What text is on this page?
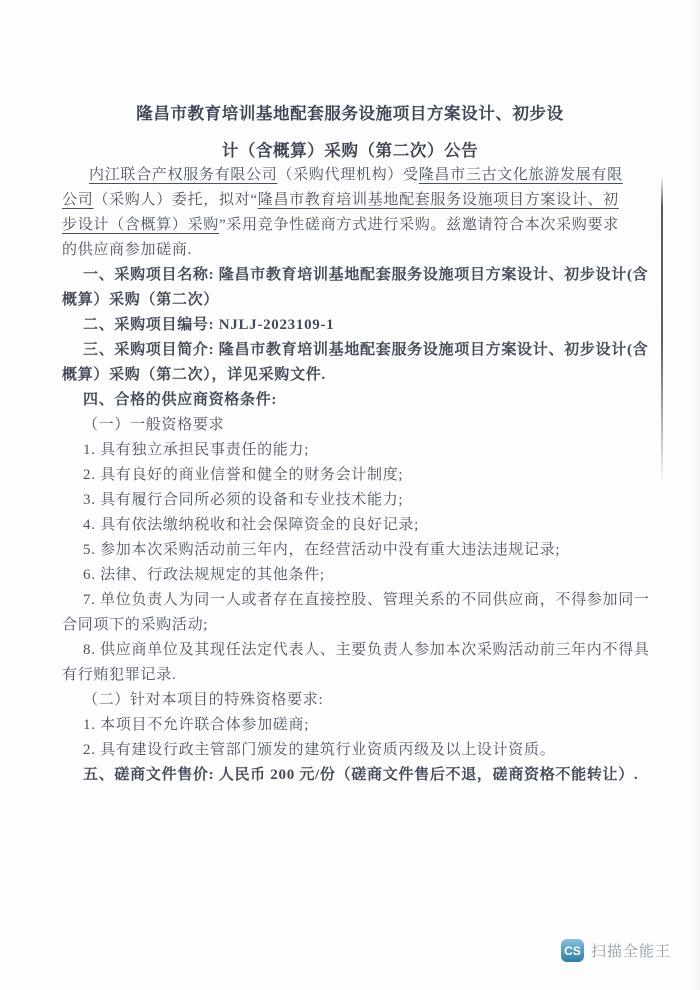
隆昌市教育培训基地配套服务设施项目方案设计、初步设
计（含概算）采购（第二次）公告
内江联合产权服务有限公司（采购代理机构）受隆昌市三古文化旅游发展有限
公司（采购人）委托，拟对“隆昌市教育培训基地配套服务设施项目方案设计、初
步设计（含概算）采购”采用竞争性磋商方式进行采购。兹邀请符合本次采购要求
的供应商参加磋商.
一、采购项目名称: 隆昌市教育培训基地配套服务设施项目方案设计、初步设计(含
概算）采购（第二次）
二、采购项目编号: NJLJ-2023109-1
三、采购项目简介: 隆昌市教育培训基地配套服务设施项目方案设计、初步设计(含
概算）采购（第二次），详见采购文件.
四、合格的供应商资格条件:
（一）一般资格要求
1. 具有独立承担民事责任的能力;
2. 具有良好的商业信誉和健全的财务会计制度;
3. 具有履行合同所必须的设备和专业技术能力;
4. 具有依法缴纳税收和社会保障资金的良好记录;
5. 参加本次采购活动前三年内，在经营活动中没有重大违法违规记录;
6. 法律、行政法规规定的其他条件;
7. 单位负责人为同一人或者存在直接控股、管理关系的不同供应商，不得参加同一
合同项下的采购活动;
8. 供应商单位及其现任法定代表人、主要负责人参加本次采购活动前三年内不得具
有行贿犯罪记录.
（二）针对本项目的特殊资格要求:
1. 本项目不允许联合体参加磋商;
2. 具有建设行政主管部门颁发的建筑行业资质丙级及以上设计资质。
五、磋商文件售价: 人民币 200 元/份（磋商文件售后不退，磋商资格不能转让）.
CS 扫描全能王
